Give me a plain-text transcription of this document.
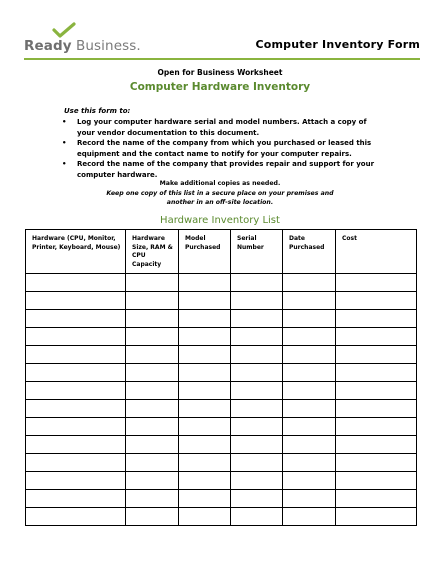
Ready Business.	Computer Inventory Form
Open for Business Worksheet
Computer Hardware Inventory
Use this form to:
• Log your computer hardware serial and model numbers. Attach a copy of your vendor documentation to this document.
• Record the name of the company from which you purchased or leased this equipment and the contact name to notify for your computer repairs.
• Record the name of the company that provides repair and support for your computer hardware.
Make additional copies as needed.
Keep one copy of this list in a secure place on your premises and
another in an off-site location.
Hardware Inventory List
Hardware (CPU, Monitor, Printer, Keyboard, Mouse)	Hardware Size, RAM & CPU Capacity	Model Purchased	Serial Number	Date Purchased	Cost
